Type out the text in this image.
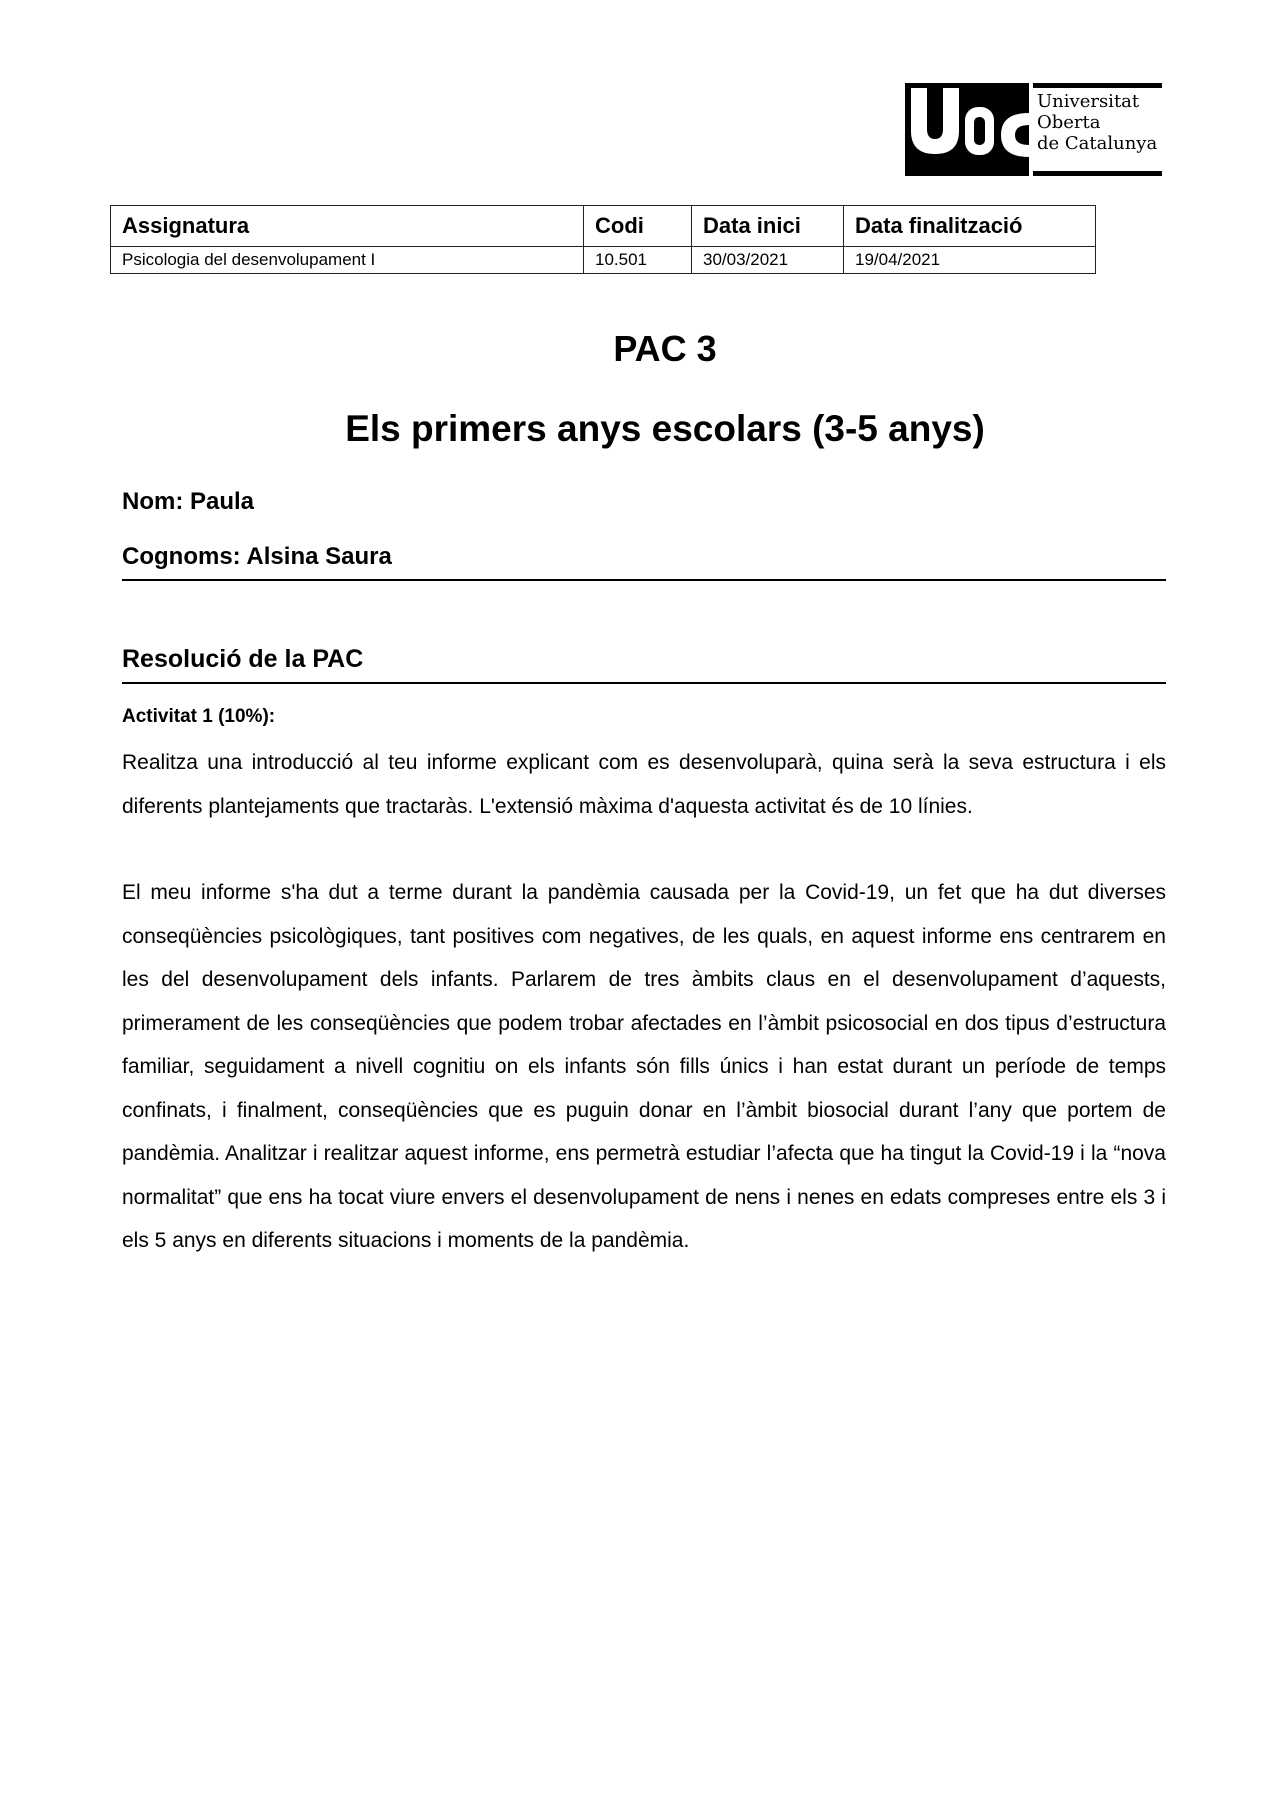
Universitat
Oberta
de Catalunya
Assignatura	Codi	Data inici	Data finalització
Psicologia del desenvolupament I	10.501	30/03/2021	19/04/2021
PAC 3
Els primers anys escolars (3-5 anys)
Nom: Paula
Cognoms: Alsina Saura
Resolució de la PAC
Activitat 1 (10%):

Realitza una introducció al teu informe explicant com es desenvoluparà, quina serà la seva estructura i els diferents plantejaments que tractaràs. L'extensió màxima d'aquesta activitat és de 10 línies.

El meu informe s'ha dut a terme durant la pandèmia causada per la Covid-19, un fet que ha dut diverses conseqüències psicològiques, tant positives com negatives, de les quals, en aquest informe ens centrarem en les del desenvolupament dels infants. Parlarem de tres àmbits claus en el desenvolupament d’aquests, primerament de les conseqüències que podem trobar afectades en l’àmbit psicosocial en dos tipus d’estructura familiar, seguidament a nivell cognitiu on els infants són fills únics i han estat durant un període de temps confinats, i finalment, conseqüències que es puguin donar en l’àmbit biosocial durant l’any que portem de pandèmia. Analitzar i realitzar aquest informe, ens permetrà estudiar l’afecta que ha tingut la Covid-19 i la “nova normalitat” que ens ha tocat viure envers el desenvolupament de nens i nenes en edats compreses entre els 3 i els 5 anys en diferents situacions i moments de la pandèmia.
